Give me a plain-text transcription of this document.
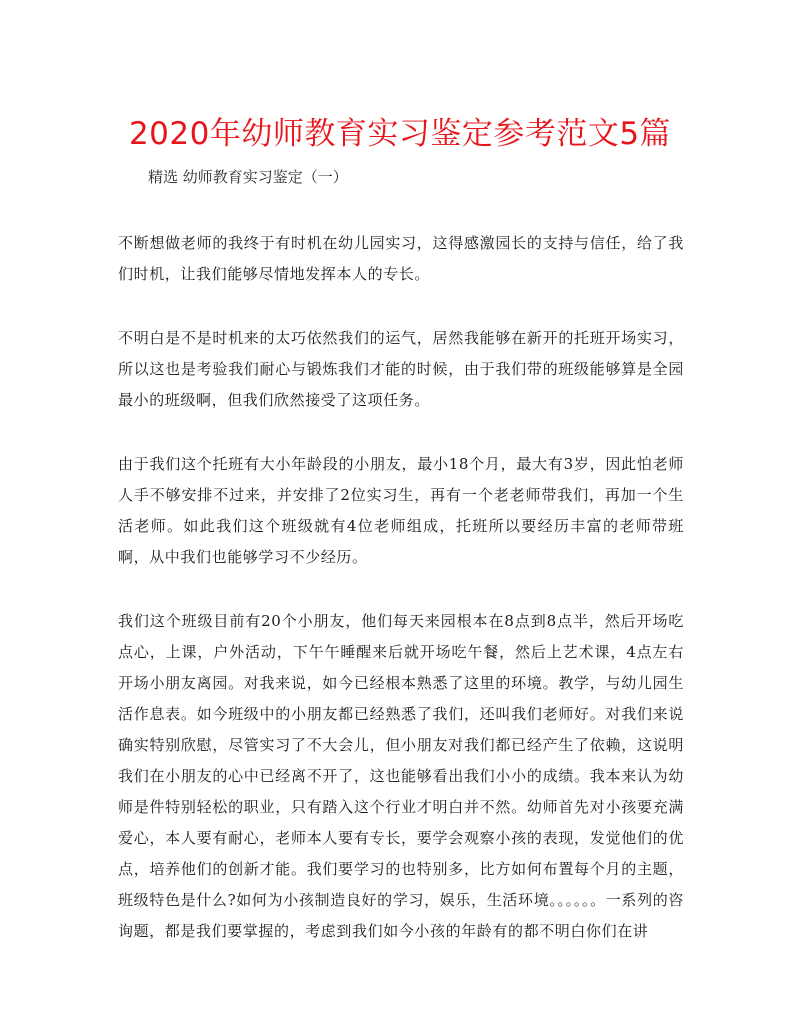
2020年幼师教育实习鉴定参考范文5篇

精选 幼师教育实习鉴定（一）

不断想做老师的我终于有时机在幼儿园实习，这得感激园长的支持与信任，给了我们时机，让我们能够尽情地发挥本人的专长。

不明白是不是时机来的太巧依然我们的运气，居然我能够在新开的托班开场实习，所以这也是考验我们耐心与锻炼我们才能的时候，由于我们带的班级能够算是全园最小的班级啊，但我们欣然接受了这项任务。

由于我们这个托班有大小年龄段的小朋友，最小18个月，最大有3岁，因此怕老师人手不够安排不过来，并安排了2位实习生，再有一个老老师带我们，再加一个生活老师。如此我们这个班级就有4位老师组成，托班所以要经历丰富的老师带班啊，从中我们也能够学习不少经历。

我们这个班级目前有20个小朋友，他们每天来园根本在8点到8点半，然后开场吃点心，上课，户外活动，下午午睡醒来后就开场吃午餐，然后上艺术课，4点左右开场小朋友离园。对我来说，如今已经根本熟悉了这里的环境。教学，与幼儿园生活作息表。如今班级中的小朋友都已经熟悉了我们，还叫我们老师好。对我们来说确实特别欣慰，尽管实习了不大会儿，但小朋友对我们都已经产生了依赖，这说明我们在小朋友的心中已经离不开了，这也能够看出我们小小的成绩。我本来认为幼师是件特别轻松的职业，只有踏入这个行业才明白并不然。幼师首先对小孩要充满爱心，本人要有耐心，老师本人要有专长，要学会观察小孩的表现，发觉他们的优点，培养他们的创新才能。我们要学习的也特别多，比方如何布置每个月的主题，班级特色是什么?如何为小孩制造良好的学习，娱乐，生活环境。。。。。。一系列的咨询题，都是我们要掌握的，考虑到我们如今小孩的年龄有的都不明白你们在讲
